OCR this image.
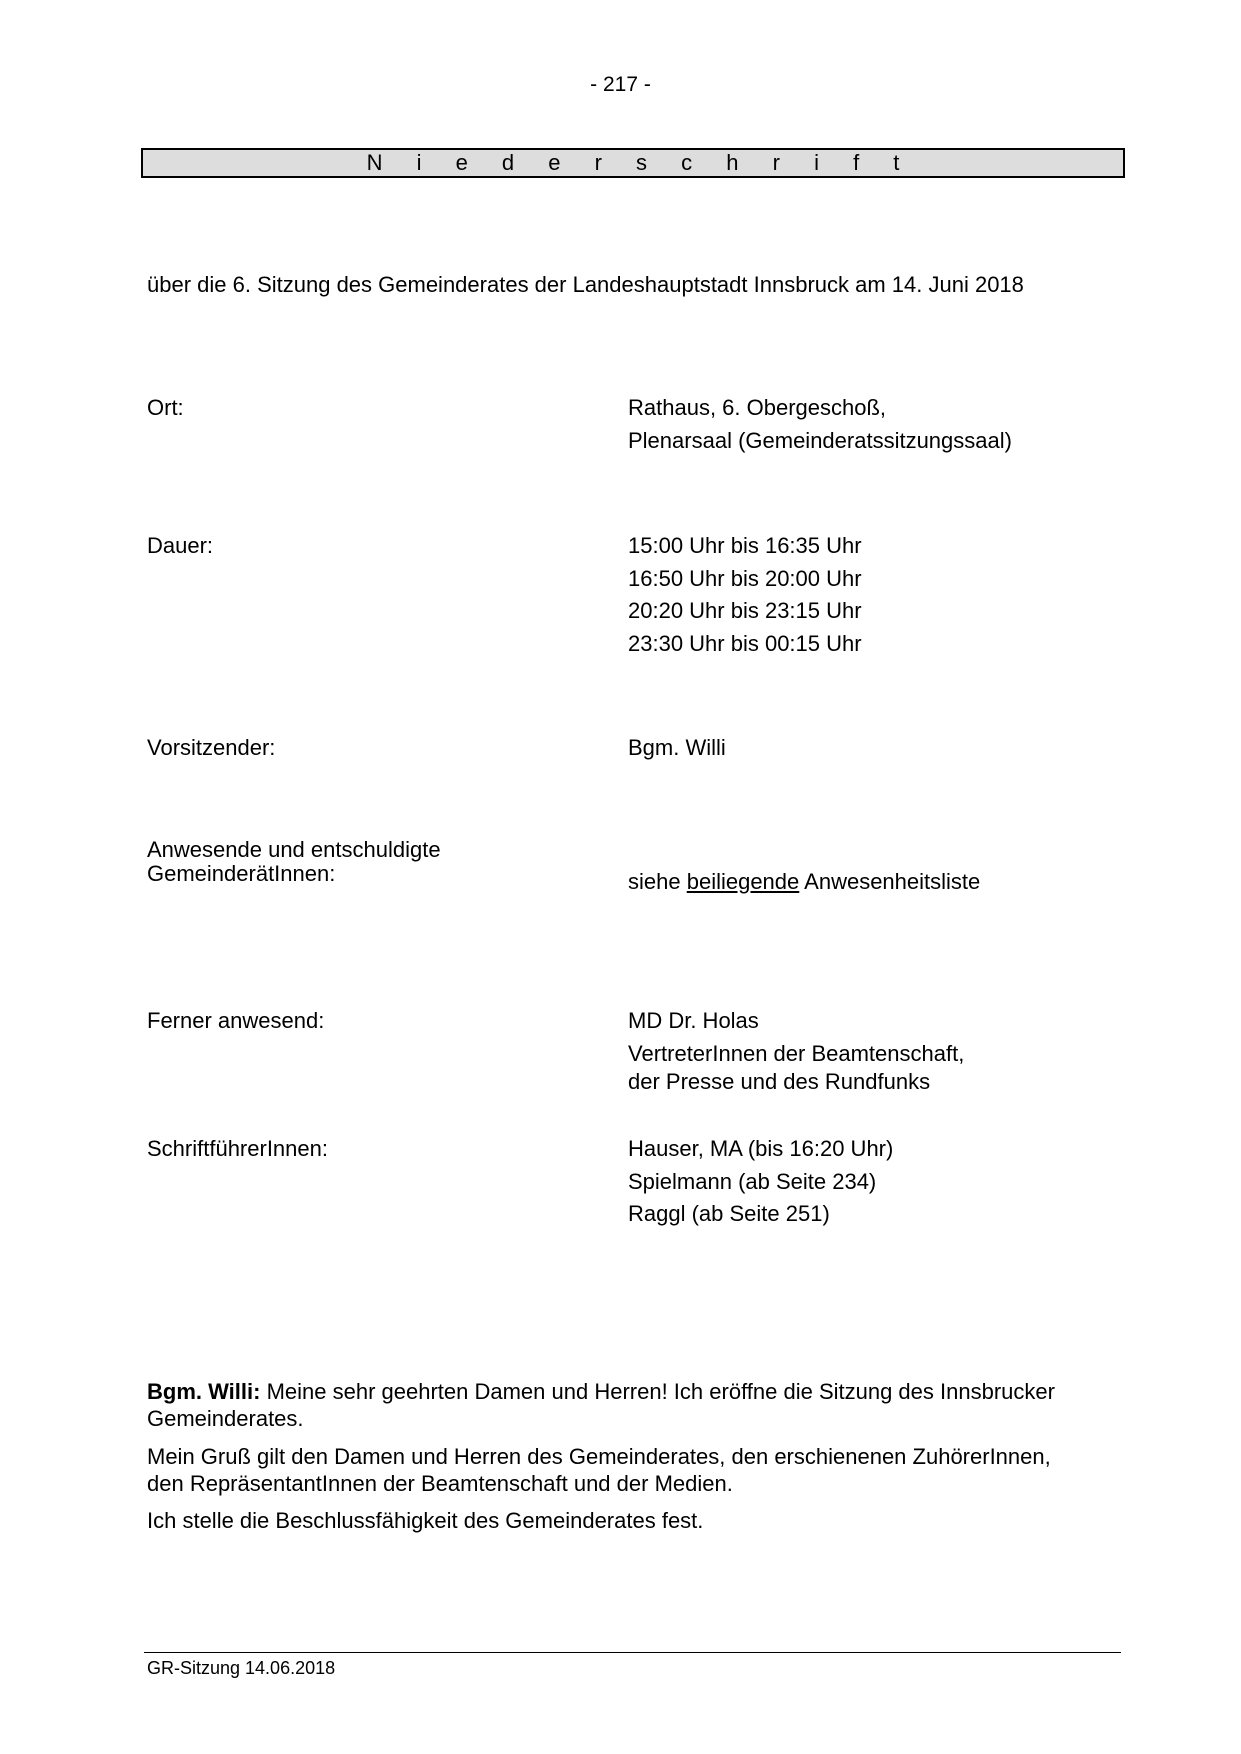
- 217 -
N i e d e r s c h r i f t
über die 6. Sitzung des Gemeinderates der Landeshauptstadt Innsbruck am 14. Juni 2018
Ort:	Rathaus, 6. Obergeschoß,
Plenarsaal (Gemeinderatssitzungssaal)
Dauer:	15:00 Uhr bis 16:35 Uhr
16:50 Uhr bis 20:00 Uhr
20:20 Uhr bis 23:15 Uhr
23:30 Uhr bis 00:15 Uhr
Vorsitzender:	Bgm. Willi
Anwesende und entschuldigte
GemeinderätInnen:	siehe beiliegende Anwesenheitsliste
Ferner anwesend:	MD Dr. Holas
VertreterInnen der Beamtenschaft,
der Presse und des Rundfunks
SchriftführerInnen:	Hauser, MA (bis 16:20 Uhr)
Spielmann (ab Seite 234)
Raggl (ab Seite 251)
Bgm. Willi: Meine sehr geehrten Damen und Herren! Ich eröffne die Sitzung des Innsbrucker Gemeinderates.
Mein Gruß gilt den Damen und Herren des Gemeinderates, den erschienenen ZuhörerInnen, den RepräsentantInnen der Beamtenschaft und der Medien.
Ich stelle die Beschlussfähigkeit des Gemeinderates fest.
GR-Sitzung 14.06.2018
